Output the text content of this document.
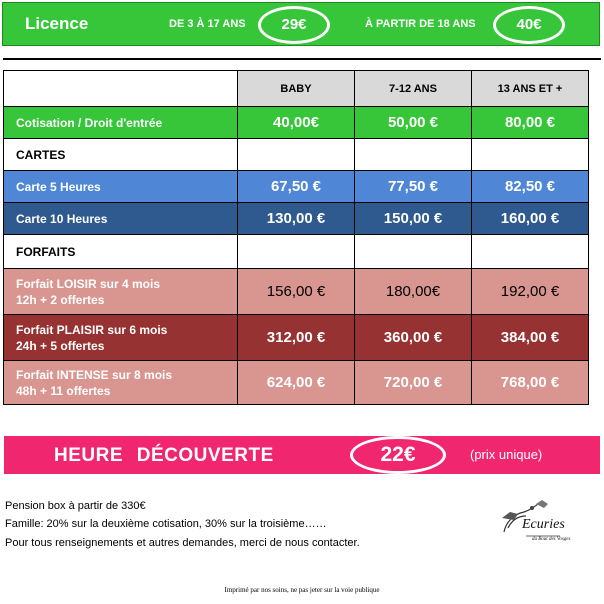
Licence	DE 3 À 17 ANS	29€	À PARTIR DE 18 ANS	40€
	BABY	7-12 ANS	13 ANS ET +
Cotisation / Droit d'entrée	40,00€	50,00 €	80,00 €
CARTES			
Carte 5 Heures	67,50 €	77,50 €	82,50 €
Carte 10 Heures	130,00 €	150,00 €	160,00 €
FORFAITS			

Forfait LOISIR sur 4 mois
12h + 2 offertes	156,00 €	180,00€	192,00 €

Forfait PLAISIR sur 6 mois
24h + 5 offertes	312,00 €	360,00 €	384,00 €

Forfait INTENSE sur 8 mois
48h + 11 offertes	624,00 €	720,00 €	768,00 €
HEURE DÉCOUVERTE	22€	(prix unique)
Pension box à partir de 330€
Famille: 20% sur la deuxième cotisation, 30% sur la troisième……
Pour tous renseignements et autres demandes, merci de nous contacter.
Ecuries
du Bout des Vosges
Imprimé par nos soins, ne pas jeter sur la voie publique
